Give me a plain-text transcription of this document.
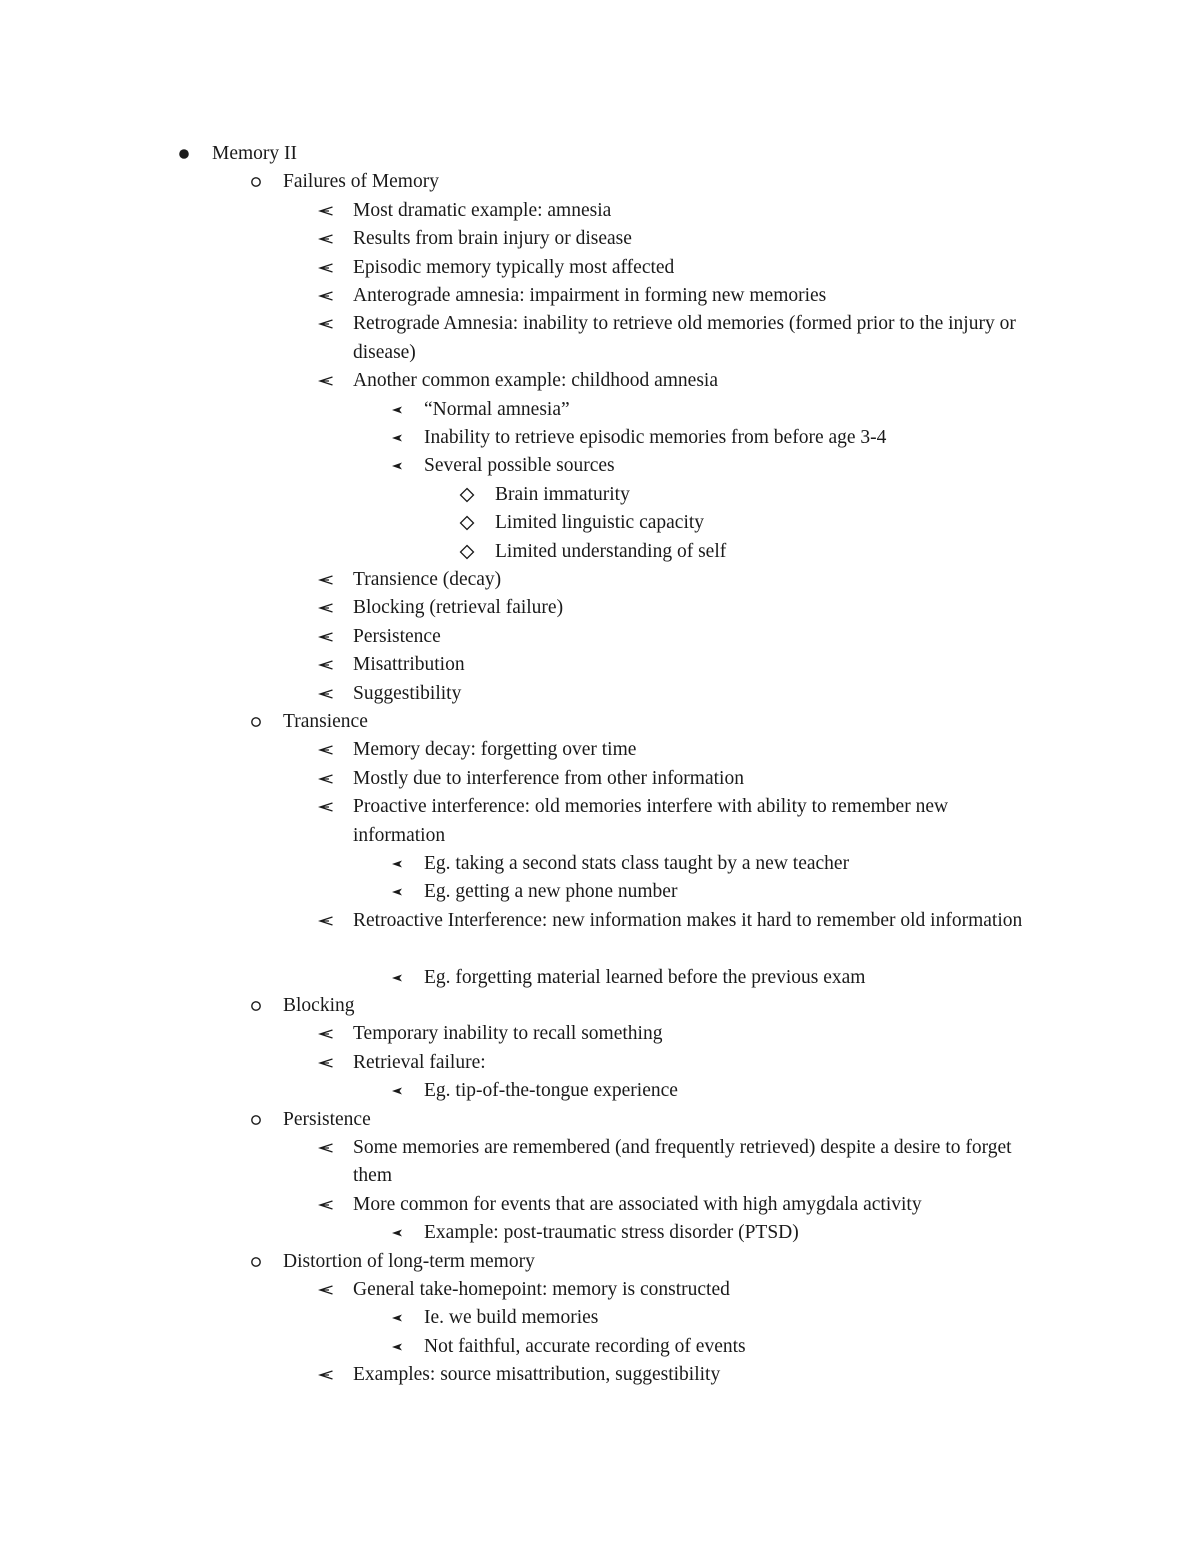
Memory II
Failures of Memory
Most dramatic example: amnesia
Results from brain injury or disease
Episodic memory typically most affected
Anterograde amnesia: impairment in forming new memories
Retrograde Amnesia: inability to retrieve old memories (formed prior to the injury or disease)
Another common example: childhood amnesia
“Normal amnesia”
Inability to retrieve episodic memories from before age 3-4
Several possible sources
Brain immaturity
Limited linguistic capacity
Limited understanding of self
Transience (decay)
Blocking (retrieval failure)
Persistence
Misattribution
Suggestibility
Transience
Memory decay: forgetting over time
Mostly due to interference from other information
Proactive interference: old memories interfere with ability to remember new information
Eg. taking a second stats class taught by a new teacher
Eg. getting a new phone number
Retroactive Interference: new information makes it hard to remember old information
Eg. forgetting material learned before the previous exam
Blocking
Temporary inability to recall something
Retrieval failure:
Eg. tip-of-the-tongue experience
Persistence
Some memories are remembered (and frequently retrieved) despite a desire to forget them
More common for events that are associated with high amygdala activity
Example: post-traumatic stress disorder (PTSD)
Distortion of long-term memory
General take-homepoint: memory is constructed
Ie. we build memories
Not faithful, accurate recording of events
Examples: source misattribution, suggestibility
